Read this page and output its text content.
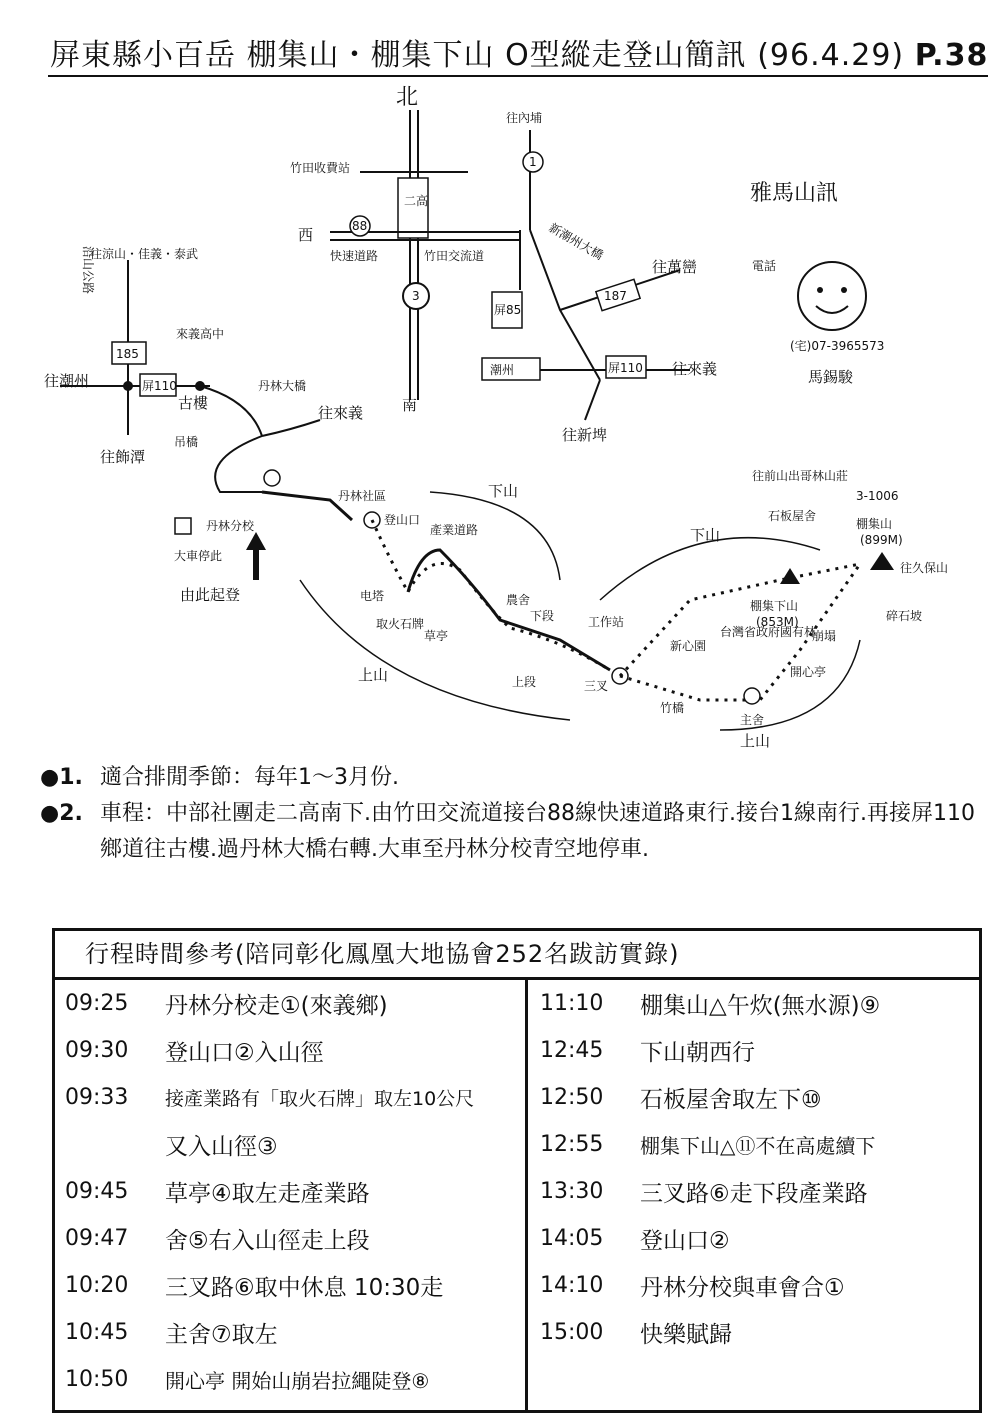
屏東縣小百岳 棚集山・棚集下山 O型縱走登山簡訊 (96.4.29) P.38
北
南
二高
竹田收費站
88
3
西
快速道路	竹田交流道
1
往內埔
新潮州大橋
潮州
屏85
187
往萬巒
屏110 往來義
往新埤
雅馬山訊
電話
(宅)07-3965573
馬錫駿
往涼山・佳義・泰武
沿山公路
185
往潮州	屏110
往飾潭
古樓
來義高中
丹林大橋
往來義
吊橋
丹林社區
丹林分校
大車停此
由此起登
登山口
电塔
取火石牌
草亭
產業道路
下段
上段
農舍
上山
下山
工作站
三叉
竹橋
新心園
主舍
開心亭
台灣省政府國有林
棚集下山
(853M)
棚集山
(899M)
3-1006
往久保山
往前山出哥林山莊
石板屋舍
下山
上山
崩塌
碎石坡
●1. 適合排閒季節：每年1～3月份.
●2. 車程：中部社團走二高南下.由竹田交流道接台88線快速道路東行.接台1線南行.再接屏110鄉道往古樓.過丹林大橋右轉.大車至丹林分校青空地停車.
行程時間參考(陪同彰化鳳凰大地協會252名跋訪實錄)
09:25	丹林分校走①(來義鄉)
09:30	登山口②入山徑
09:33	接產業路有「取火石牌」取左10公尺
又入山徑③
09:45	草亭④取左走產業路
09:47	舍⑤右入山徑走上段
10:20	三叉路⑥取中休息 10:30走
10:45	主舍⑦取左
10:50	開心亭 開始山崩岩拉繩陡登⑧
11:10	棚集山△午炊(無水源)⑨
12:45	下山朝西行
12:50	石板屋舍取左下⑩
12:55	棚集下山△⑪不在高處續下
13:30	三叉路⑥走下段產業路
14:05	登山口②
14:10	丹林分校與車會合①
15:00	快樂賦歸
